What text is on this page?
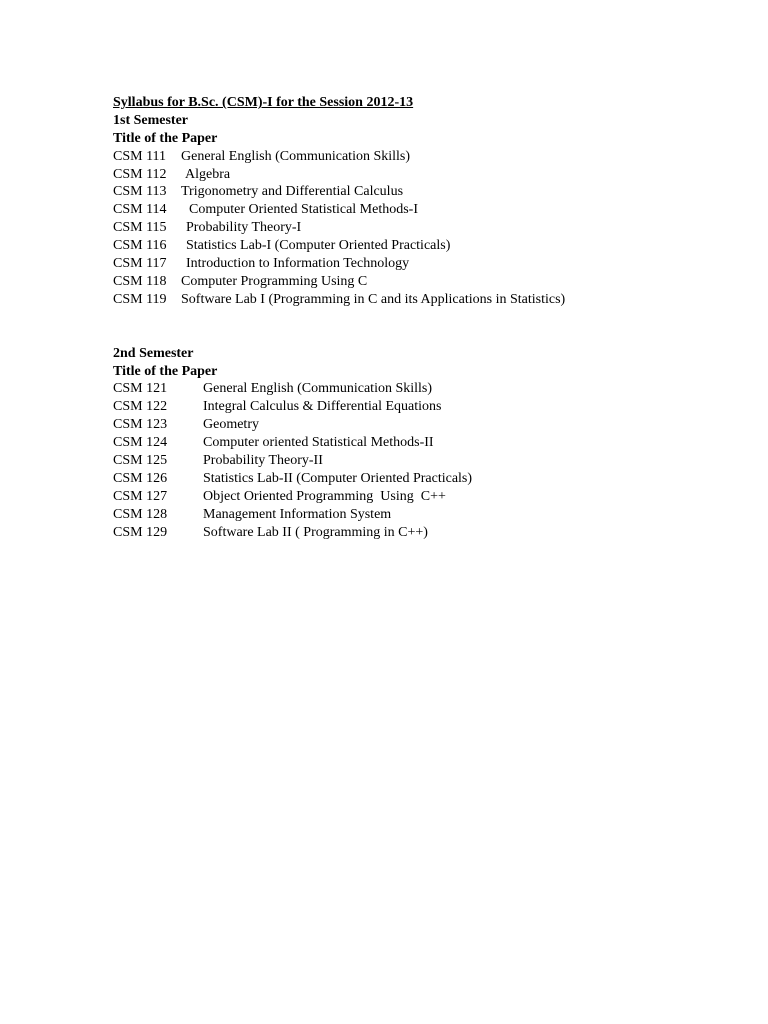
Syllabus for B.Sc. (CSM)-I for the Session 2012-13
1st Semester
Title of the Paper
CSM 111 General English (Communication Skills)
CSM 112 Algebra
CSM 113 Trigonometry and Differential Calculus
CSM 114 Computer Oriented Statistical Methods-I
CSM 115 Probability Theory-I
CSM 116 Statistics Lab-I (Computer Oriented Practicals)
CSM 117 Introduction to Information Technology
CSM 118 Computer Programming Using C
CSM 119 Software Lab I (Programming in C and its Applications in Statistics)
2nd Semester
Title of the Paper
CSM 121	General English (Communication Skills)
CSM 122	Integral Calculus & Differential Equations
CSM 123	Geometry
CSM 124	Computer oriented Statistical Methods-II
CSM 125	Probability Theory-II
CSM 126	Statistics Lab-II (Computer Oriented Practicals)
CSM 127	Object Oriented Programming  Using  C++
CSM 128	Management Information System
CSM 129	Software Lab II ( Programming in C++)
